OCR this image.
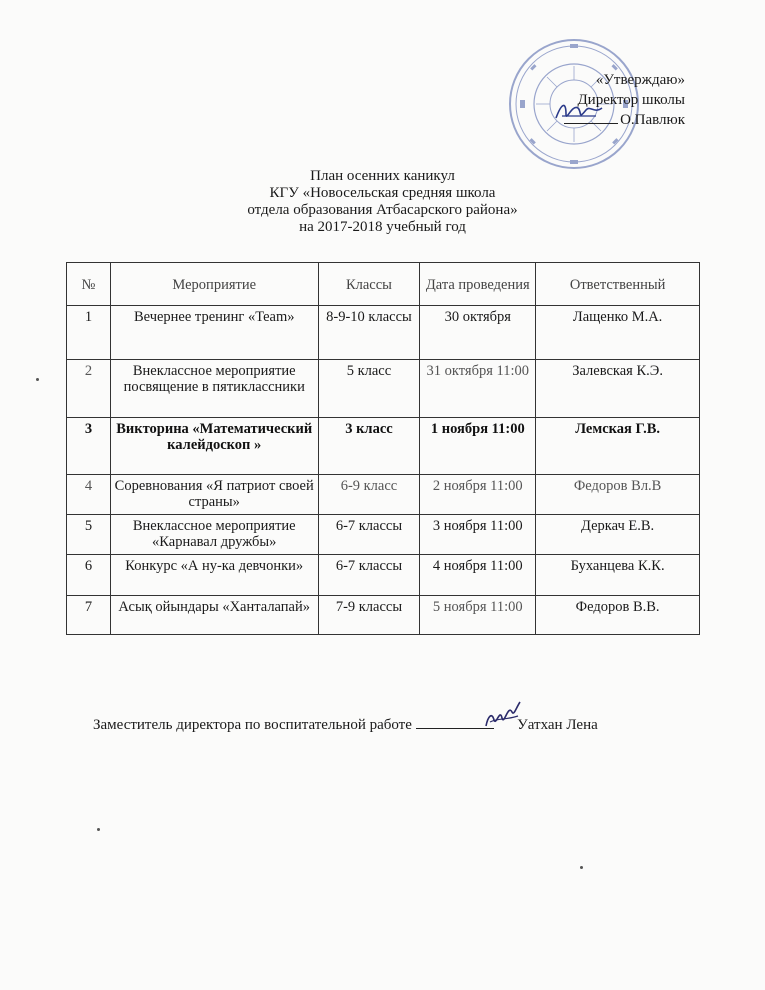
«Утверждаю»
Директор школы
О.Павлюк
План осенних каникул
КГУ «Новосельская средняя школа
отдела образования Атбасарского района»
на 2017-2018 учебный год
№	Мероприятие	Классы	Дата проведения	Ответственный
1	Вечернее тренинг «Team»	8-9-10 классы	30 октября	Лащенко М.А.
2	Внеклассное мероприятие посвящение в пятиклассники	5 класс	31 октября 11:00	Залевская К.Э.
3	Викторина «Математический калейдоскоп »	3 класс	1 ноября 11:00	Лемская Г.В.
4	Соревнования «Я патриот своей страны»	6-9 класс	2 ноября 11:00	Федоров Вл.В
5	Внеклассное мероприятие «Карнавал дружбы»	6-7 классы	3 ноября 11:00	Деркач Е.В.
6	Конкурс «А ну-ка девчонки»	6-7 классы	4 ноября 11:00	Буханцева К.К.
7	Асық ойындары «Ханталапай»	7-9 классы	5 ноября 11:00	Федоров В.В.
Заместитель директора по воспитательной работе	Уатхан Лена
